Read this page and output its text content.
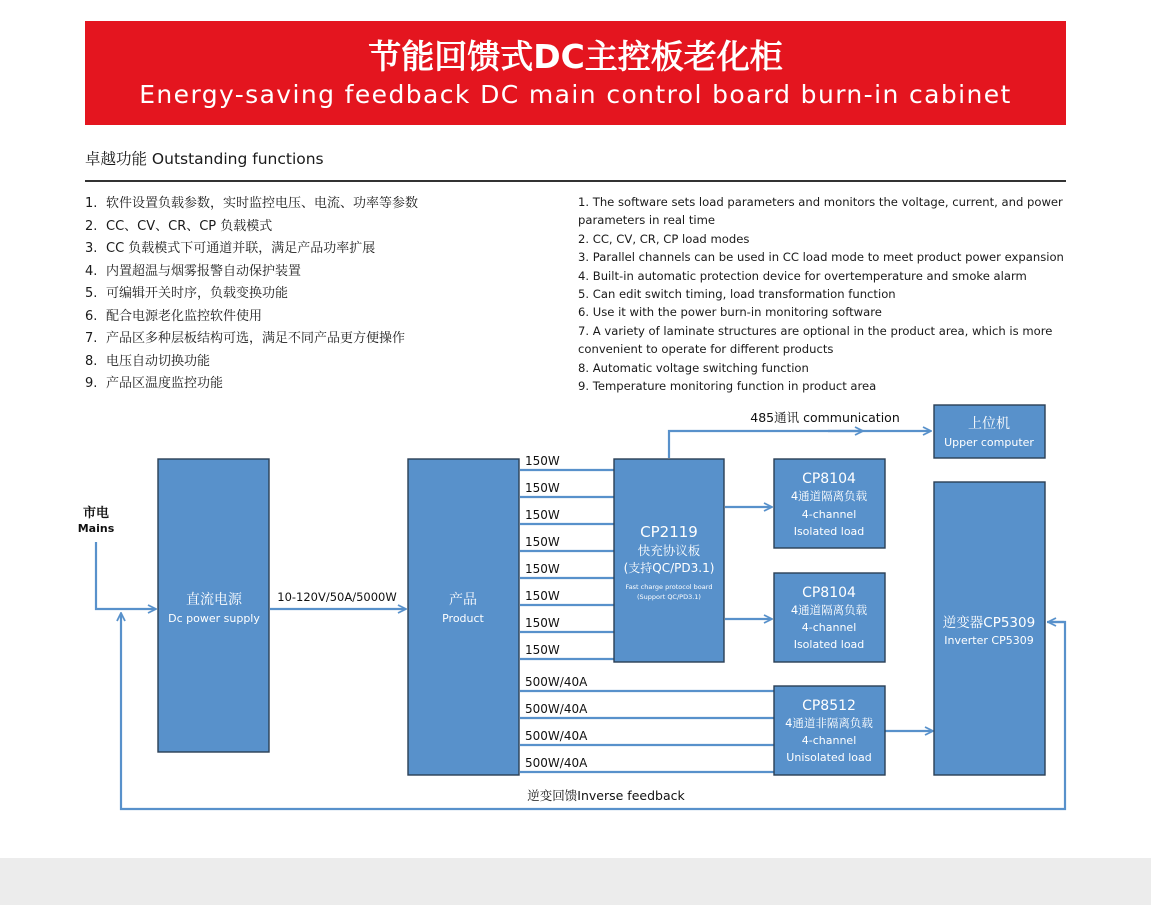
节能回馈式DC主控板老化柜
Energy-saving feedback DC main control board burn-in cabinet
卓越功能 Outstanding functions
1. 软件设置负载参数，实时监控电压、电流、功率等参数
2. CC、CV、CR、CP 负载模式
3. CC 负载模式下可通道并联，满足产品功率扩展
4. 内置超温与烟雾报警自动保护装置
5. 可编辑开关时序，负载变换功能
6. 配合电源老化监控软件使用
7. 产品区多种层板结构可选，满足不同产品更方便操作
8. 电压自动切换功能
9. 产品区温度监控功能
1. The software sets load parameters and monitors the voltage, current, and power parameters in real time
2. CC, CV, CR, CP load modes
3. Parallel channels can be used in CC load mode to meet product power expansion
4. Built-in automatic protection device for overtemperature and smoke alarm
5. Can edit switch timing, load transformation function
6. Use it with the power burn-in monitoring software
7. A variety of laminate structures are optional in the product area, which is more convenient to operate for different products
8. Automatic voltage switching function
9. Temperature monitoring function in product area
市电
Mains
直流电源
Dc power supply
10-120V/50A/5000W	产品
Product
150W
150W
150W
150W
150W
150W
150W
150W
500W/40A
500W/40A
500W/40A
500W/40A
CP2119
快充协议板
(支持QC/PD3.1)
Fast charge protocol board
(Support QC/PD3.1)
CP8104
4通道隔离负载
4-channel
Isolated load
CP8104
4通道隔离负载
4-channel
Isolated load
CP8512
4通道非隔离负载
4-channel
Unisolated load
485通讯 communication	上位机
Upper computer
逆变器CP5309
Inverter CP5309
逆变回馈Inverse feedback
